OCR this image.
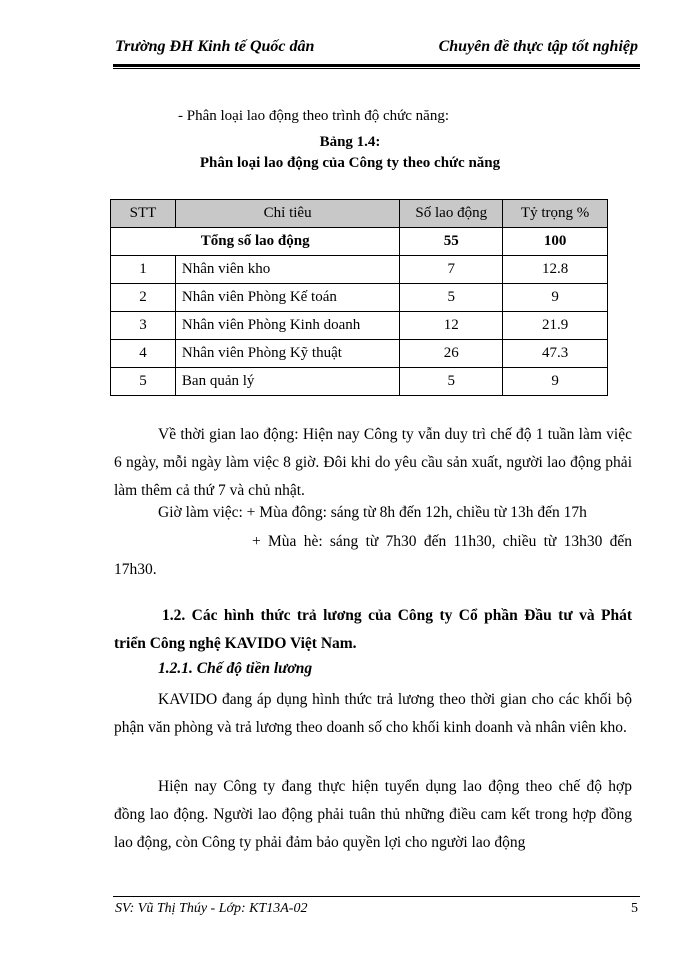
Trường ĐH Kinh tế Quốc dân	Chuyên đề thực tập tốt nghiệp
- Phân loại lao động theo trình độ chức năng:
Bảng 1.4:
Phân loại lao động của Công ty theo chức năng
STT	Chỉ tiêu	Số lao động	Tỷ trọng %
Tổng số lao động		55	100
1	Nhân viên kho	7	12.8
2	Nhân viên Phòng Kế toán	5	9
3	Nhân viên Phòng Kinh doanh	12	21.9
4	Nhân viên Phòng Kỹ thuật	26	47.3
5	Ban quản lý	5	9
Về thời gian lao động: Hiện nay Công ty vẫn duy trì chế độ 1 tuần làm việc 6 ngày, mỗi ngày làm việc 8 giờ. Đôi khi do yêu cầu sản xuất, người lao động phải làm thêm cả thứ 7 và chủ nhật.
Giờ làm việc: + Mùa đông: sáng từ 8h đến 12h, chiều từ 13h đến 17h
+ Mùa hè: sáng từ 7h30 đến 11h30, chiều từ 13h30 đến
17h30.
1.2. Các hình thức trả lương của Công ty Cổ phần Đầu tư và Phát triển Công nghệ KAVIDO Việt Nam.
1.2.1. Chế độ tiền lương
KAVIDO đang áp dụng hình thức trả lương theo thời gian cho các khối bộ phận văn phòng và trả lương theo doanh số cho khối kinh doanh và nhân viên kho.
Hiện nay Công ty đang thực hiện tuyển dụng lao động theo chế độ hợp đồng lao động. Người lao động phải tuân thủ những điều cam kết trong hợp đồng lao động, còn Công ty phải đảm bảo quyền lợi cho người lao động
SV: Vũ Thị Thúy - Lớp: KT13A-02	5
